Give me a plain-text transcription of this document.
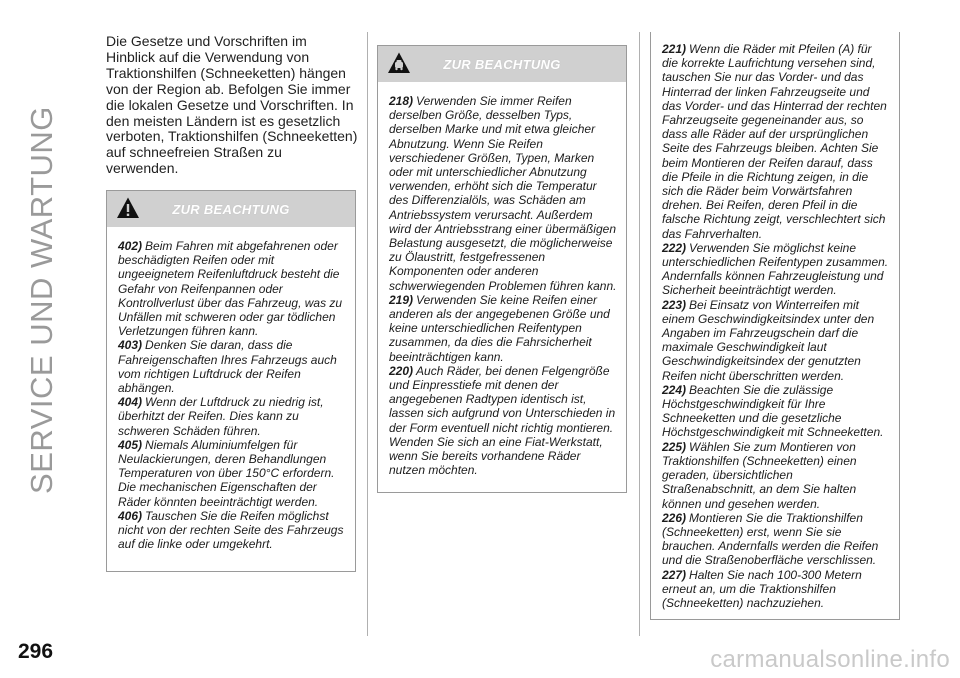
SERVICE UND WARTUNG
Die Gesetze und Vorschriften im Hinblick auf die Verwendung von Traktionshilfen (Schneeketten) hängen von der Region ab. Befolgen Sie immer die lokalen Gesetze und Vorschriften. In den meisten Ländern ist es gesetzlich verboten, Traktionshilfen (Schneeketten) auf schneefreien Straßen zu verwenden.
ZUR BEACHTUNG

402) Beim Fahren mit abgefahrenen oder beschädigten Reifen oder mit ungeeignetem Reifenluftdruck besteht die Gefahr von Reifenpannen oder Kontrollverlust über das Fahrzeug, was zu Unfällen mit schweren oder gar tödlichen Verletzungen führen kann.

403) Denken Sie daran, dass die Fahreigenschaften Ihres Fahrzeugs auch vom richtigen Luftdruck der Reifen abhängen.

404) Wenn der Luftdruck zu niedrig ist, überhitzt der Reifen. Dies kann zu schweren Schäden führen.

405) Niemals Aluminiumfelgen für Neulackierungen, deren Behandlungen Temperaturen von über 150°C erfordern. Die mechanischen Eigenschaften der Räder könnten beeinträchtigt werden.

406) Tauschen Sie die Reifen möglichst nicht von der rechten Seite des Fahrzeugs auf die linke oder umgekehrt.

ZUR BEACHTUNG

218) Verwenden Sie immer Reifen derselben Größe, desselben Typs, derselben Marke und mit etwa gleicher Abnutzung. Wenn Sie Reifen verschiedener Größen, Typen, Marken oder mit unterschiedlicher Abnutzung verwenden, erhöht sich die Temperatur des Differenzialöls, was Schäden am Antriebssystem verursacht. Außerdem wird der Antriebsstrang einer übermäßigen Belastung ausgesetzt, die möglicherweise zu Ölaustritt, festgefressenen Komponenten oder anderen schwerwiegenden Problemen führen kann.

219) Verwenden Sie keine Reifen einer anderen als der angegebenen Größe und keine unterschiedlichen Reifentypen zusammen, da dies die Fahrsicherheit beeinträchtigen kann.

220) Auch Räder, bei denen Felgengröße und Einpresstiefe mit denen der angegebenen Radtypen identisch ist, lassen sich aufgrund von Unterschieden in der Form eventuell nicht richtig montieren. Wenden Sie sich an eine Fiat-Werkstatt, wenn Sie bereits vorhandene Räder nutzen möchten.

221) Wenn die Räder mit Pfeilen (A) für die korrekte Laufrichtung versehen sind, tauschen Sie nur das Vorder- und das Hinterrad der linken Fahrzeugseite und das Vorder- und das Hinterrad der rechten Fahrzeugseite gegeneinander aus, so dass alle Räder auf der ursprünglichen Seite des Fahrzeugs bleiben. Achten Sie beim Montieren der Reifen darauf, dass die Pfeile in die Richtung zeigen, in die sich die Räder beim Vorwärtsfahren drehen. Bei Reifen, deren Pfeil in die falsche Richtung zeigt, verschlechtert sich das Fahrverhalten.

222) Verwenden Sie möglichst keine unterschiedlichen Reifentypen zusammen. Andernfalls können Fahrzeugleistung und Sicherheit beeinträchtigt werden.

223) Bei Einsatz von Winterreifen mit einem Geschwindigkeitsindex unter den Angaben im Fahrzeugschein darf die maximale Geschwindigkeit laut Geschwindigkeitsindex der genutzten Reifen nicht überschritten werden.

224) Beachten Sie die zulässige Höchstgeschwindigkeit für Ihre Schneeketten und die gesetzliche Höchstgeschwindigkeit mit Schneeketten.

225) Wählen Sie zum Montieren von Traktionshilfen (Schneeketten) einen geraden, übersichtlichen Straßenabschnitt, an dem Sie halten können und gesehen werden.

226) Montieren Sie die Traktionshilfen (Schneeketten) erst, wenn Sie sie brauchen. Andernfalls werden die Reifen und die Straßenoberfläche verschlissen.

227) Halten Sie nach 100-300 Metern erneut an, um die Traktionshilfen (Schneeketten) nachzuziehen.

296	carmanualsonline.info
